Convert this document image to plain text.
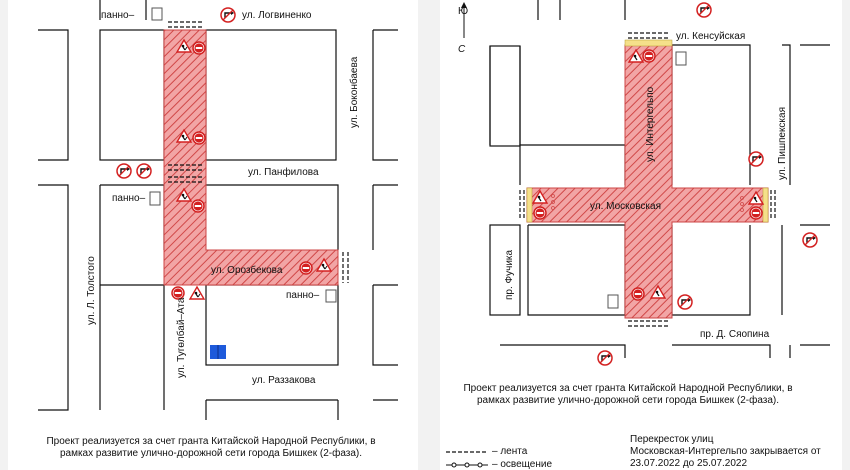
панно–	ул. Логвиненко
ул. Боконбаева
ул. Панфилова
панно–
ул. Орозбекова
панно–
ул. Л. Толстого
ул. Тугөлбай–Ата
ул. Раззакова
Проект реализуется за счет гранта Китайской Народной Республики, в рамках развитие улично-дорожной сети города Бишкек (2-фаза).
Ю
С
ул. Кенсуйская
ул. Интергельпо	ул. Пишпекская
ул. Московская
пр. Фучика
пр. Д. Сяопина
Проект реализуется за счет гранта Китайской Народной Республики, в рамках развитие улично-дорожной сети города Бишкек (2-фаза).
– лента
– освещение
Перекресток улиц
Московская-Интергельпо закрывается от
23.07.2022 до 25.07.2022
